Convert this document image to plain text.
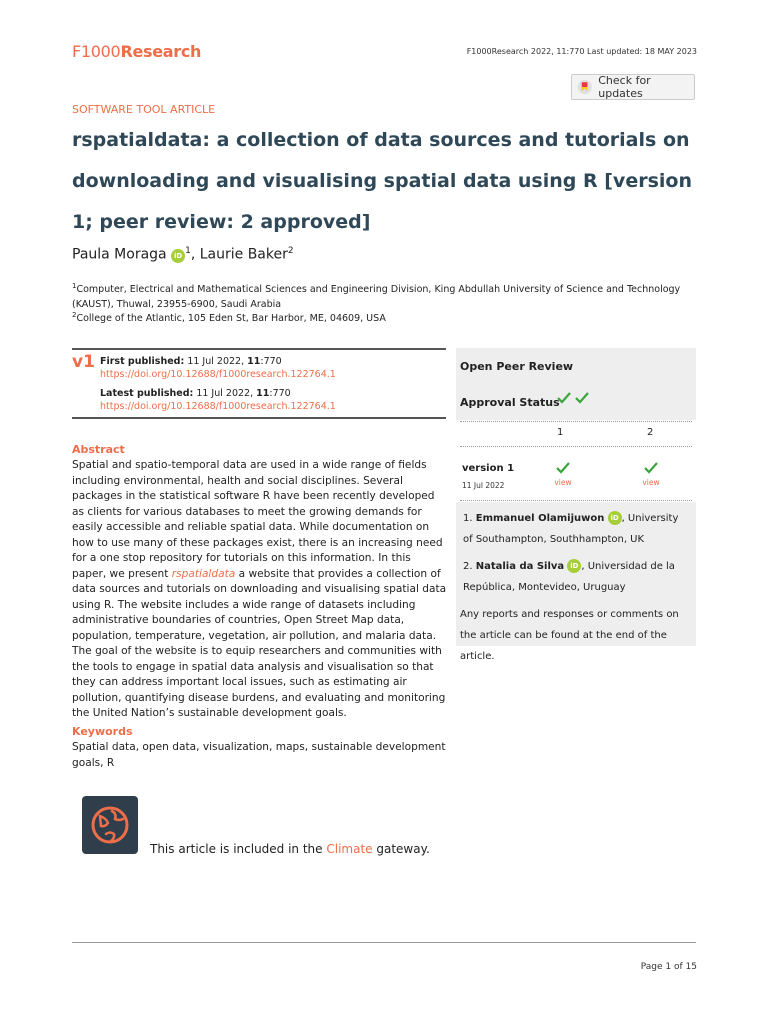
F1000Research	F1000Research 2022, 11:770 Last updated: 18 MAY 2023
Check for updates
SOFTWARE TOOL ARTICLE
rspatialdata: a collection of data sources and tutorials on downloading and visualising spatial data using R [version 1; peer review: 2 approved]
Paula Moraga iD $^1$, Laurie Baker$^2$
$^1$Computer, Electrical and Mathematical Sciences and Engineering Division, King Abdullah University of Science and Technology (KAUST), Thuwal, 23955-6900, Saudi Arabia
$^2$College of the Atlantic, 105 Eden St, Bar Harbor, ME, 04609, USA
v1 First published: 11 Jul 2022, 11:770
https://doi.org/10.12688/f1000research.122764.1
Latest published: 11 Jul 2022, 11:770
https://doi.org/10.12688/f1000research.122764.1
Abstract
Spatial and spatio-temporal data are used in a wide range of fields including environmental, health and social disciplines. Several packages in the statistical software R have been recently developed as clients for various databases to meet the growing demands for easily accessible and reliable spatial data. While documentation on how to use many of these packages exist, there is an increasing need for a one stop repository for tutorials on this information. In this paper, we present rspatialdata a website that provides a collection of data sources and tutorials on downloading and visualising spatial data using R. The website includes a wide range of datasets including administrative boundaries of countries, Open Street Map data, population, temperature, vegetation, air pollution, and malaria data. The goal of the website is to equip researchers and communities with the tools to engage in spatial data analysis and visualisation so that they can address important local issues, such as estimating air pollution, quantifying disease burdens, and evaluating and monitoring the United Nation’s sustainable development goals.
Keywords
Spatial data, open data, visualization, maps, sustainable development goals, R
This article is included in the Climate gateway.
Open Peer Review
Approval Status
1	2
version 1
11 Jul 2022	view	view
1. Emmanuel Olamijuwon iD , University of Southampton, Southhampton, UK
2. Natalia da Silva iD , Universidad de la República, Montevideo, Uruguay
Any reports and responses or comments on the article can be found at the end of the article.
Page 1 of 15
